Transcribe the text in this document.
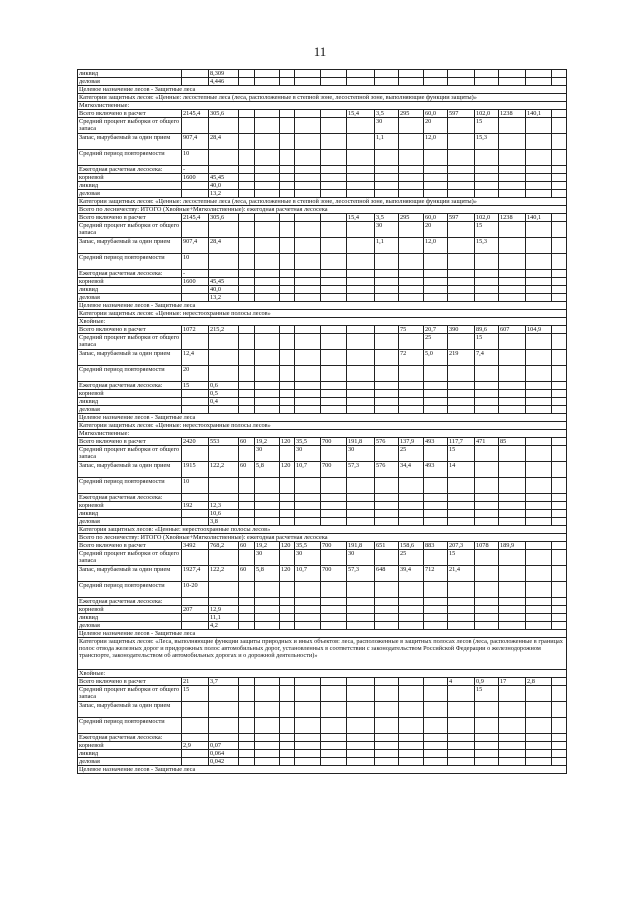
11
ликвид		8,309														
деловая		4,446														
Целевое назначение лесов - Защитные леса																
Категории защитных лесов: «Ценные: лесостепные леса (леса, расположенные в степной зоне, лесостепной зоне, выполняющие функции защиты)»																
Мягколиственные:																
Всего включено в расчет	2145,4	305,6						15,4	3,5	295	60,0	597	102,0	1238	140,1	
Средний процент выборки от общего запаса									30		20		15			
Запас, вырубаемый за один прием	907,4	28,4							1,1		12,0		15,3			
Средний период повторяемости	10															
Ежегодная расчетная лесосека:	-															
корневой	1600	45,45														
ликвид		40,0														
деловая		13,2														
Категории защитных лесов: «Ценные: лесостепные леса (леса, расположенные в степной зоне, лесостепной зоне, выполняющие функции защиты)»																
Всего по лесничеству: ИТОГО (Хвойные+Мягколиственные): ежегодная расчетная лесосека																
Всего включено в расчет	2145,4	305,6						15,4	3,5	295	60,0	597	102,0	1238	140,1	
Средний процент выборки от общего запаса									30		20		15			
Запас, вырубаемый за один прием	907,4	28,4							1,1		12,0		15,3			
Средний период повторяемости	10															
Ежегодная расчетная лесосека:	-															
корневой	1600	45,45														
ликвид		40,0														
деловая		13,2														
Целевое назначение лесов - Защитные леса																
Категории защитных лесов: «Ценные: нерестоохранные полосы лесов»																
Хвойные:																
Всего включено в расчет	1072	215,2								75	20,7	390	89,6	607	104,9	
Средний процент выборки от общего запаса											25		15			
Запас, вырубаемый за один прием	12,4									72	5,0	219	7,4			
Средний период повторяемости	20															
Ежегодная расчетная лесосека:	15	0,6														
корневой		0,5														
ликвид		0,4														
деловая																
Целевое назначение лесов - Защитные леса																
Категории защитных лесов: «Ценные: нерестоохранные полосы лесов»																
Мягколиственные:																
Всего включено в расчет	2420	553	60	19,2	120	35,5	700	191,8	576	137,9	493	117,7	471	85		
Средний процент выборки от общего запаса				30		30		30		25		15				
Запас, вырубаемый за один прием	1915	122,2	60	5,8	120	10,7	700	57,3	576	34,4	493	14				
Средний период повторяемости	10															
Ежегодная расчетная лесосека:																
корневой	192	12,3														
ликвид		10,6														
деловая		3,8														
Категория защитных лесов: «Ценные: нерестоохранные полосы лесов»																
Всего по лесничеству: ИТОГО (Хвойные+Мягколиственные): ежегодная расчетная лесосека																
Всего включено в расчет	3492	768,2	60	19,2	120	35,5	700	191,8	651	158,6	883	207,3	1078	189,9		
Средний процент выборки от общего запаса				30		30		30		25		15				
Запас, вырубаемый за один прием	1927,4	122,2	60	5,8	120	10,7	700	57,3	648	39,4	712	21,4				
Средний период повторяемости	10-20															
Ежегодная расчетная лесосека:																
корневой	207	12,9														
ликвид		11,1														
деловая		4,2														
Целевое назначение лесов - Защитные леса																
Категории защитных лесов: «Леса, выполняющие функции защиты природных и иных объектов: леса, расположенные в защитных полосах лесов (леса, расположенные в границах полос отвода железных дорог и придорожных полос автомобильных дорог, установленных в соответствии с законодательством Российской Федерации о железнодорожном транспорте, законодательством об автомобильных дорогах и о дорожной деятельности)»																
Хвойные:																
Всего включено в расчет	21	3,7										4	0,9	17	2,8	
Средний процент выборки от общего запаса	15												15			
Запас, вырубаемый за один прием																
Средний период повторяемости																
Ежегодная расчетная лесосека:																
корневой	2,9	0,07														
ликвид		0,064														
деловая		0,042														
Целевое назначение лесов - Защитные леса																
